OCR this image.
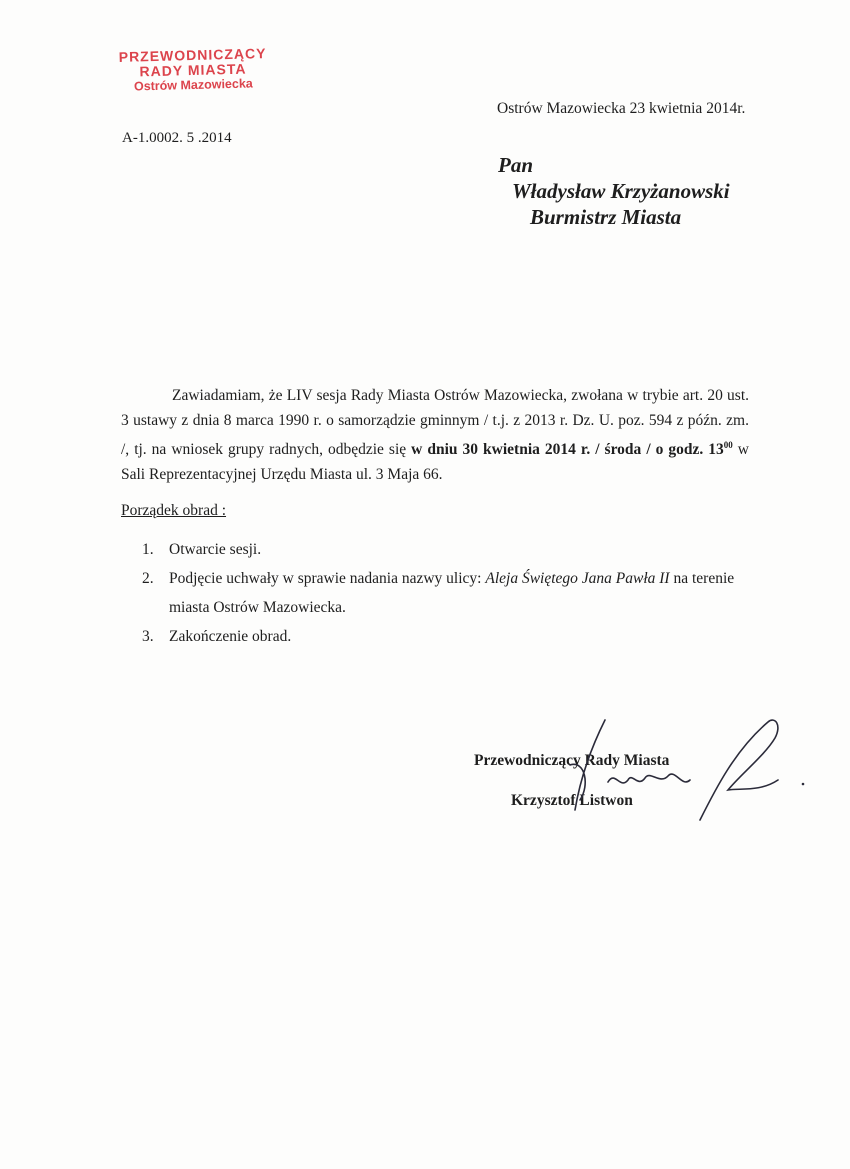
PRZEWODNICZĄCY
RADY MIASTA
Ostrów Mazowiecka
Ostrów Mazowiecka 23 kwietnia 2014r.
A-1.0002. 5 .2014
Pan
Władysław Krzyżanowski
Burmistrz Miasta

Zawiadamiam, że LIV sesja Rady Miasta Ostrów Mazowiecka, zwołana w trybie art. 20 ust. 3 ustawy z dnia 8 marca 1990 r. o samorządzie gminnym / t.j. z 2013 r. Dz. U. poz. 594 z późn. zm. /, tj. na wniosek grupy radnych, odbędzie się w dniu 30 kwietnia 2014 r. / środa / o godz. $13^{00}$ w Sali Reprezentacyjnej Urzędu Miasta ul. 3 Maja 66.

Porządek obrad :
1. Otwarcie sesji.
2. Podjęcie uchwały w sprawie nadania nazwy ulicy: Aleja Świętego Jana Pawła II na terenie miasta Ostrów Mazowiecka.
3. Zakończenie obrad.
Przewodniczący Rady Miasta
Krzysztof Listwon
